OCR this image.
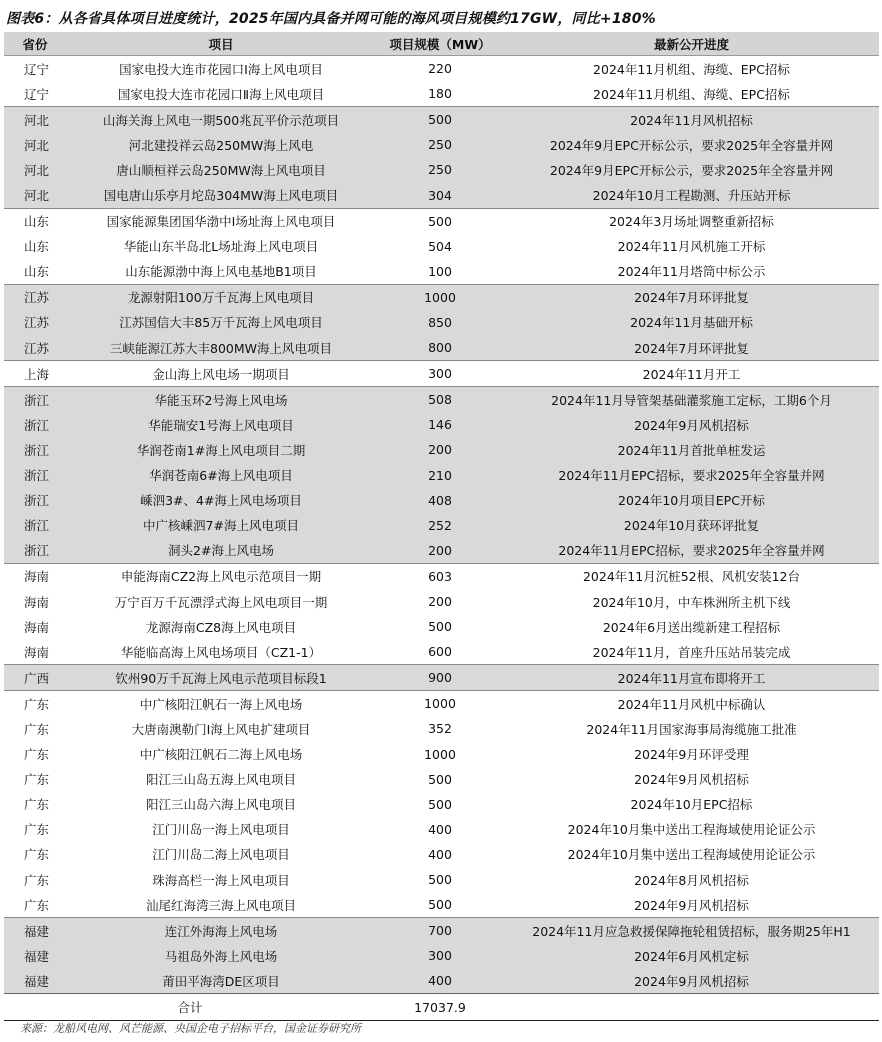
图表6：从各省具体项目进度统计，2025年国内具备并网可能的海风项目规模约17GW，同比+180%
省份	项目	项目规模（MW）	最新公开进度
辽宁	国家电投大连市花园口Ⅰ海上风电项目	220	2024年11月机组、海缆、EPC招标
辽宁	国家电投大连市花园口Ⅱ海上风电项目	180	2024年11月机组、海缆、EPC招标
河北	山海关海上风电一期500兆瓦平价示范项目	500	2024年11月风机招标
河北	河北建投祥云岛250MW海上风电	250	2024年9月EPC开标公示，要求2025年全容量并网
河北	唐山顺桓祥云岛250MW海上风电项目	250	2024年9月EPC开标公示，要求2025年全容量并网
河北	国电唐山乐亭月坨岛304MW海上风电项目	304	2024年10月工程勘测、升压站开标
山东	国家能源集团国华渤中Ⅰ场址海上风电项目	500	2024年3月场址调整重新招标
山东	华能山东半岛北L场址海上风电项目	504	2024年11月风机施工开标
山东	山东能源渤中海上风电基地B1项目	100	2024年11月塔筒中标公示
江苏	龙源射阳100万千瓦海上风电项目	1000	2024年7月环评批复
江苏	江苏国信大丰85万千瓦海上风电项目	850	2024年11月基础开标
江苏	三峡能源江苏大丰800MW海上风电项目	800	2024年7月环评批复
上海	金山海上风电场一期项目	300	2024年11月开工
浙江	华能玉环2号海上风电场	508	2024年11月导管架基础灌浆施工定标，工期6个月
浙江	华能瑞安1号海上风电项目	146	2024年9月风机招标
浙江	华润苍南1#海上风电项目二期	200	2024年11月首批单桩发运
浙江	华润苍南6#海上风电项目	210	2024年11月EPC招标，要求2025年全容量并网
浙江	嵊泗3#、4#海上风电场项目	408	2024年10月项目EPC开标
浙江	中广核嵊泗7#海上风电项目	252	2024年10月获环评批复
浙江	洞头2#海上风电场	200	2024年11月EPC招标，要求2025年全容量并网
海南	申能海南CZ2海上风电示范项目一期	603	2024年11月沉桩52根、风机安装12台
海南	万宁百万千瓦漂浮式海上风电项目一期	200	2024年10月，中车株洲所主机下线
海南	龙源海南CZ8海上风电项目	500	2024年6月送出缆新建工程招标
海南	华能临高海上风电场项目（CZ1-1）	600	2024年11月，首座升压站吊装完成
广西	钦州90万千瓦海上风电示范项目标段1	900	2024年11月宣布即将开工
广东	中广核阳江帆石一海上风电场	1000	2024年11月风机中标确认
广东	大唐南澳勒门Ⅰ海上风电扩建项目	352	2024年11月国家海事局海缆施工批准
广东	中广核阳江帆石二海上风电场	1000	2024年9月环评受理
广东	阳江三山岛五海上风电项目	500	2024年9月风机招标
广东	阳江三山岛六海上风电项目	500	2024年10月EPC招标
广东	江门川岛一海上风电项目	400	2024年10月集中送出工程海域使用论证公示
广东	江门川岛二海上风电项目	400	2024年10月集中送出工程海域使用论证公示
广东	珠海高栏一海上风电项目	500	2024年8月风机招标
广东	汕尾红海湾三海上风电项目	500	2024年9月风机招标
福建	连江外海海上风电场	700	2024年11月应急救援保障拖轮租赁招标，服务期25年H1
福建	马祖岛外海上风电场	300	2024年6月风机定标
福建	莆田平海湾DE区项目	400	2024年9月风机招标
合计		17037.9	
来源：龙船风电网、风芒能源、央国企电子招标平台，国金证券研究所
